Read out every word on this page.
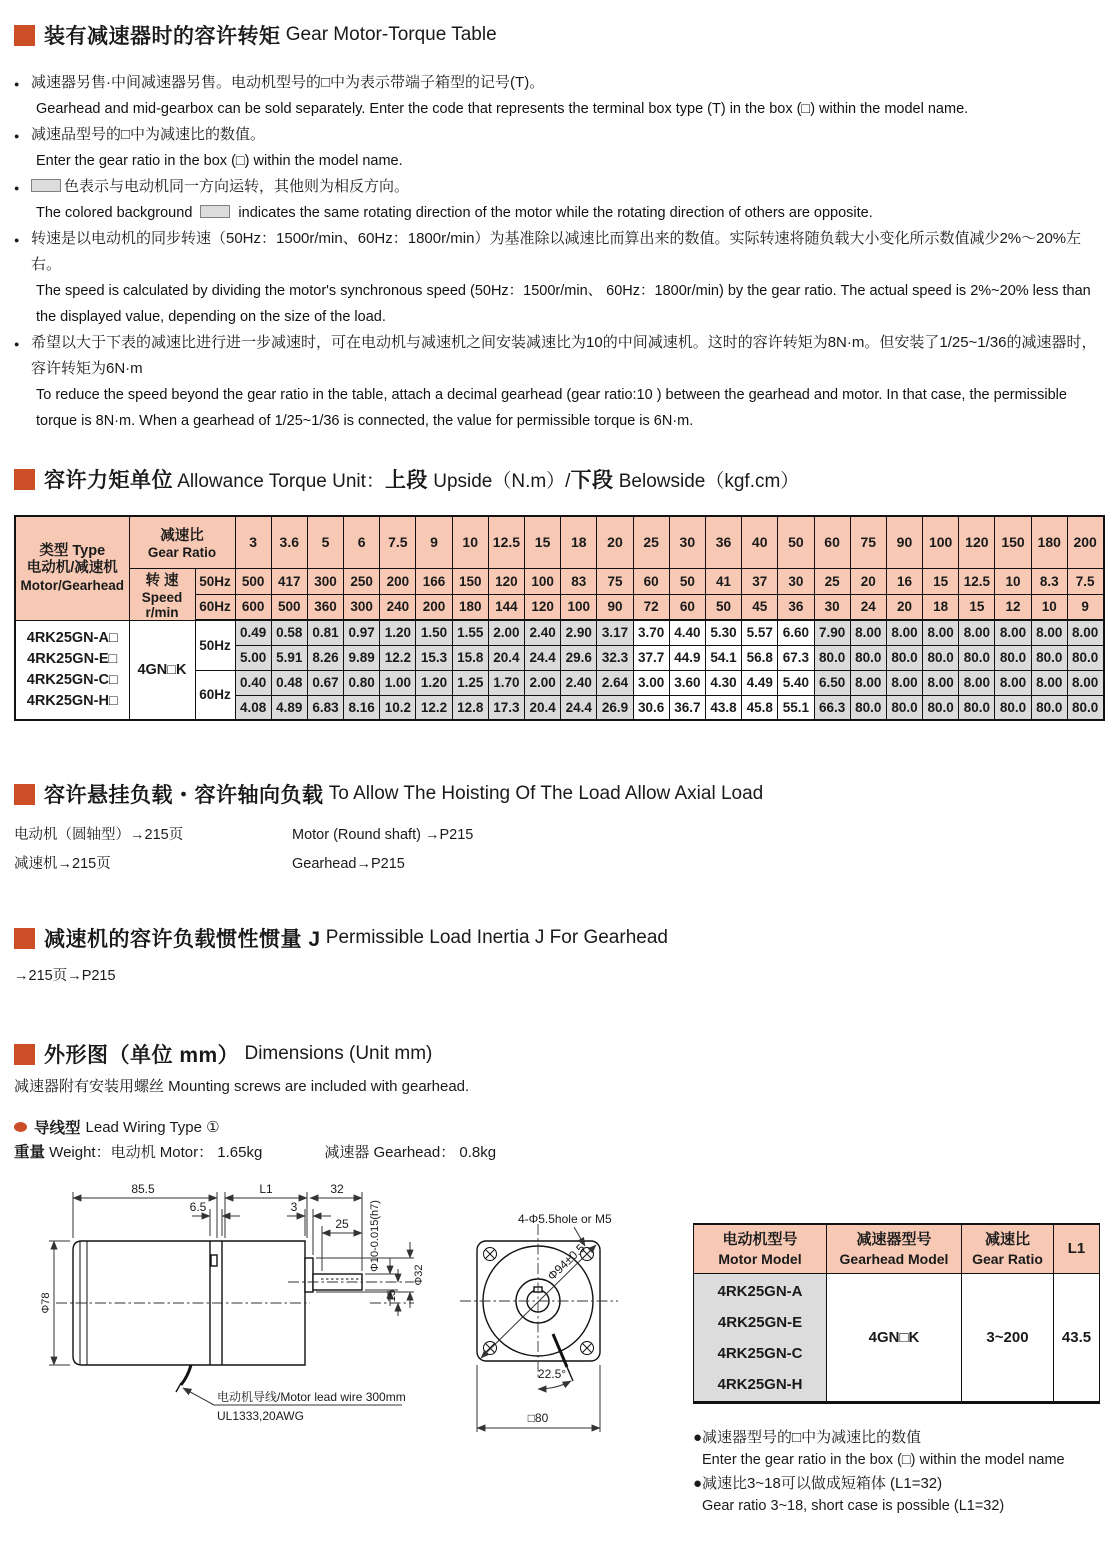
装有减速器时的容许转矩 Gear Motor-Torque Table
● 减速器另售·中间减速器另售。电动机型号的□中为表示带端子箱型的记号(T)。
Gearhead and mid-gearbox can be sold separately. Enter the code that represents the terminal box type (T) in the box (□) within the model name.
● 减速品型号的□中为减速比的数值。
Enter the gear ratio in the box (□) within the model name.
●	色表示与电动机同一方向运转，其他则为相反方向。
The colored background	indicates the same rotating direction of the motor while the rotating direction of others are opposite.
● 转速是以电动机的同步转速（50Hz：1500r/min、60Hz：1800r/min）为基准除以减速比而算出来的数值。实际转速将随负载大小变化所示数值减少2%～20%左右。
The speed is calculated by dividing the motor's synchronous speed (50Hz：1500r/min、 60Hz：1800r/min) by the gear ratio. The actual speed is 2%~20% less than the displayed value, depending on the size of the load.
● 希望以大于下表的减速比进行进一步减速时，可在电动机与减速机之间安装减速比为10的中间减速机。这时的容许转矩为8N·m。但安装了1/25~1/36的减速器时，容许转矩为6N·m
To reduce the speed beyond the gear ratio in the table, attach a decimal gearhead (gear ratio:10 ) between the gearhead and motor. In that case, the permissible torque is 8N·m. When a gearhead of 1/25~1/36 is connected, the value for permissible torque is 6N·m.
容许力矩单位 Allowance Torque Unit： 上段 Upside（N.m）/ 下段 Belowside（kgf.cm）
类型 Type
电动机/减速机
Motor/Gearhead

减速比
Gear Ratio
	3	3.6	5	6	7.5	9	10	12.5	15	18	20	25	30	36	40	50	60	75	90	100	120	150	180	200

	转 速
Speed r/min	50Hz	500	417	300	250	200	166	150	120	100	83	75	60	50	41	37	30	25	20	16	15	12.5	10	8.3	7.5
		60Hz	600	500	360	300	240	200	180	144	120	100	90	72	60	50	45	36	30	24	20	18	15	12	10	9

4RK25GN-A□
4RK25GN-E□
4RK25GN-C□
4RK25GN-H□	4GN□K	50Hz	0.49	0.58	0.81	0.97	1.20	1.50	1.55	2.00	2.40	2.90	3.17	3.70	4.40	5.30	5.57	6.60	7.90	8.00	8.00	8.00	8.00	8.00	8.00	8.00
			5.00	5.91	8.26	9.89	12.2	15.3	15.8	20.4	24.4	29.6	32.3	37.7	44.9	54.1	56.8	67.3	80.0	80.0	80.0	80.0	80.0	80.0	80.0	80.0
		60Hz	0.40	0.48	0.67	0.80	1.00	1.20	1.25	1.70	2.00	2.40	2.64	3.00	3.60	4.30	4.49	5.40	6.50	8.00	8.00	8.00	8.00	8.00	8.00	8.00
			4.08	4.89	6.83	8.16	10.2	12.2	12.8	17.3	20.4	24.4	26.9	30.6	36.7	43.8	45.8	55.1	66.3	80.0	80.0	80.0	80.0	80.0	80.0	80.0
容许悬挂负载・容许轴向负载 To Allow The Hoisting Of The Load Allow Axial Load
电动机（圆轴型）→215页	Motor (Round shaft) →P215
减速机→215页	Gearhead→P215
减速机的容许负载惯性惯量 J Permissible Load Inertia J For Gearhead
→215页→P215
外形图（单位 mm） Dimensions (Unit mm)
减速器附有安装用螺丝 Mounting screws are included with gearhead.
导线型 Lead Wiring Type ①
重量 Weight：电动机 Motor： 1.65kg	减速器 Gearhead： 0.8kg
85.5	L1	32
6.5	3
25
Φ78
Φ10-0.015(h7)
Φ32
15
电动机导线/Motor lead wire 300mm
UL1333,20AWG
Φ94±0.5
4-Φ5.5hole or M5
22.5°
□80
电动机型号
Motor Model

减速器型号
Gearhead Model

减速比
Gear Ratio

L1

4RK25GN-A
4RK25GN-E
4RK25GN-C
4RK25GN-H	4GN□K	3~200	43.5
●减速器型号的□中为减速比的数值
Enter the gear ratio in the box (□) within the model name
●减速比3~18可以做成短箱体 (L1=32)
Gear ratio 3~18, short case is possible (L1=32)
